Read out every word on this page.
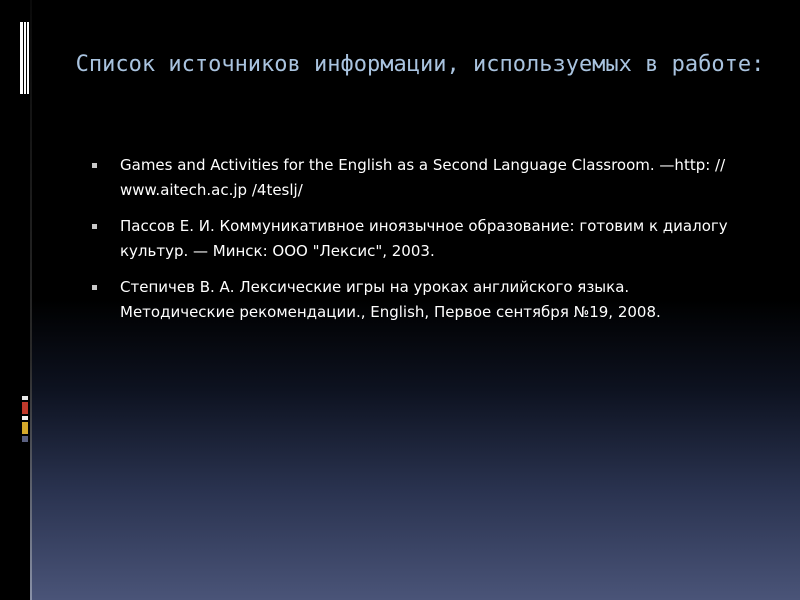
Список источников информации, используемых в работе:
Games and Activities for the English as a Second Language Classroom. —http: // www.aitech.ac.jp /4teslj/
Пассов Е. И. Коммуникативное иноязычное образование: готовим к диалогу культур. — Минск: ООО "Лексис", 2003.
Степичев В. А. Лексические игры на уроках английского языка. Методические рекомендации., English, Первое сентября №19, 2008.
